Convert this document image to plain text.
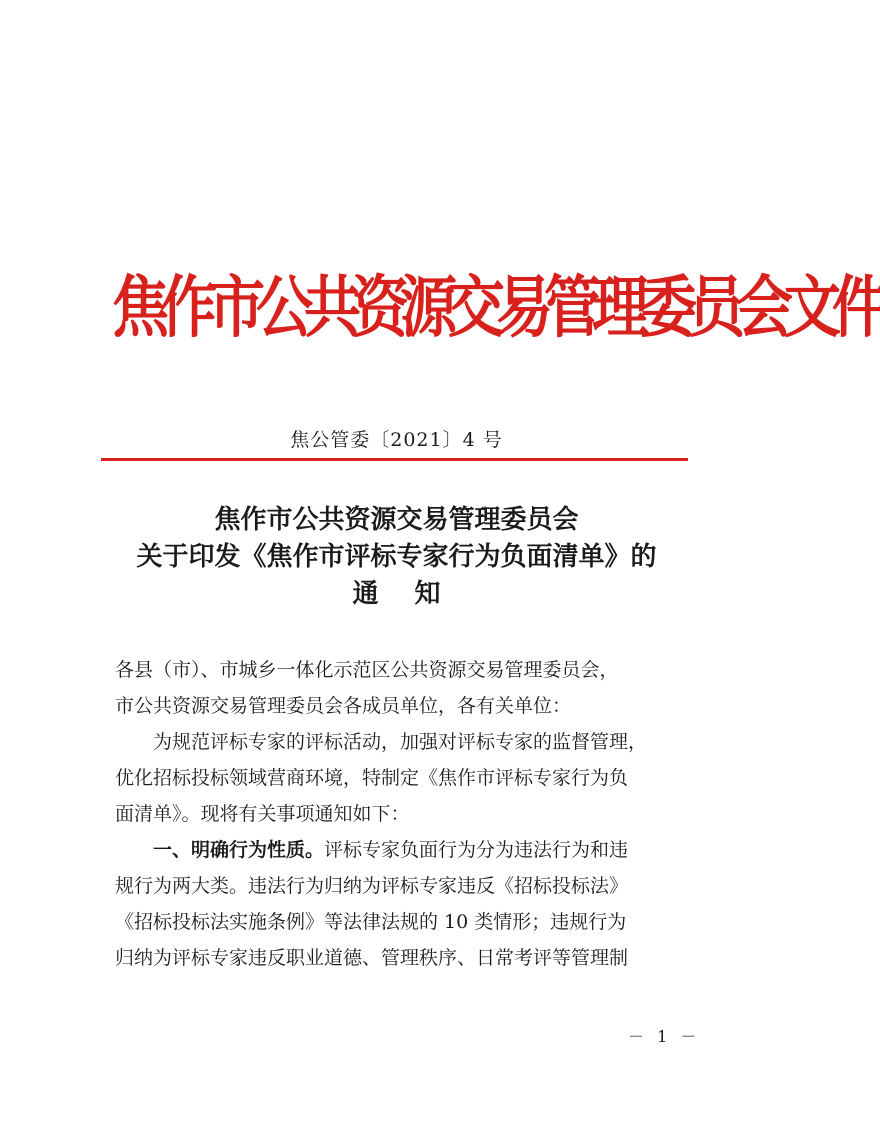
焦作市公共资源交易管理委员会文件
焦公管委〔2021〕4 号
焦作市公共资源交易管理委员会
关于印发《焦作市评标专家行为负面清单》的
通知

各县（市）、市城乡一体化示范区公共资源交易管理委员会，
市公共资源交易管理委员会各成员单位，各有关单位：

为规范评标专家的评标活动，加强对评标专家的监督管理，
优化招标投标领域营商环境，特制定《焦作市评标专家行为负
面清单》。现将有关事项通知如下：

一、明确行为性质。评标专家负面行为分为违法行为和违
规行为两大类。违法行为归纳为评标专家违反《招标投标法》
《招标投标法实施条例》等法律法规的 10 类情形；违规行为
归纳为评标专家违反职业道德、管理秩序、日常考评等管理制

－ 1 －
